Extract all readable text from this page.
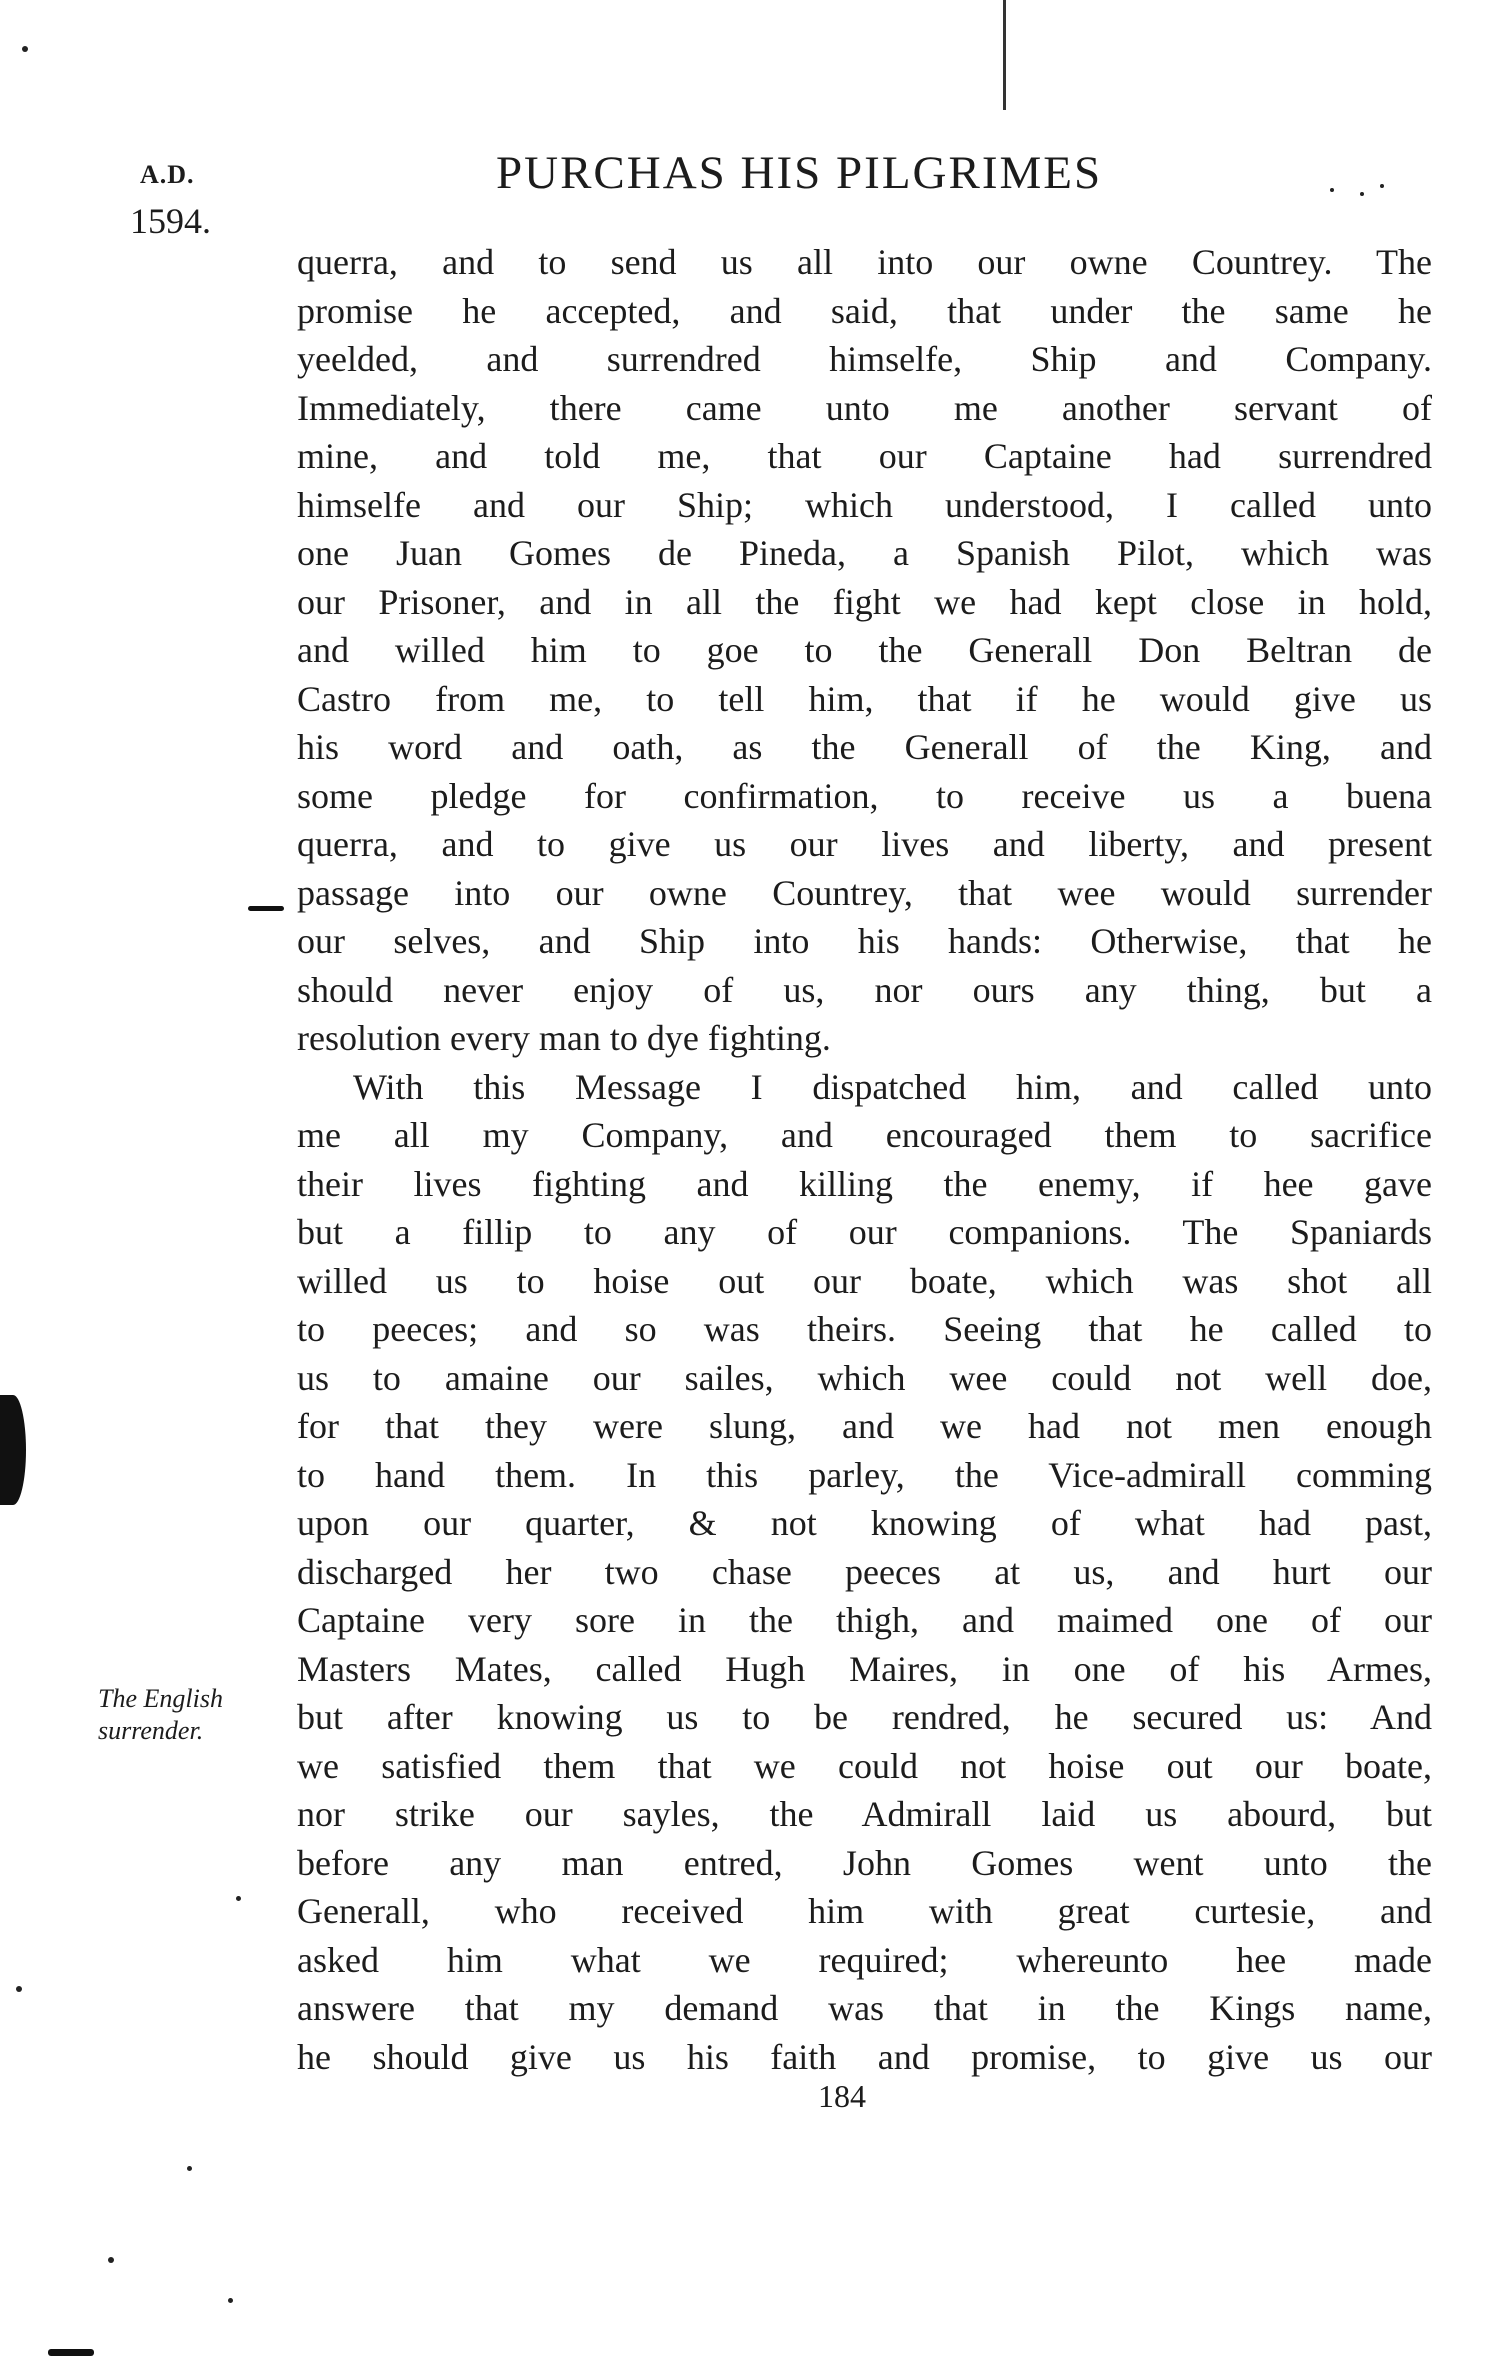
A.D.
1594.
PURCHAS HIS PILGRIMES
querra, and to send us all into our owne Countrey. The
promise he accepted, and said, that under the same he
yeelded, and surrendred himselfe, Ship and Company.
Immediately, there came unto me another servant of
mine, and told me, that our Captaine had surrendred
himselfe and our Ship; which understood, I called unto
one Juan Gomes de Pineda, a Spanish Pilot, which was
our Prisoner, and in all the fight we had kept close in hold,
and willed him to goe to the Generall Don Beltran de
Castro from me, to tell him, that if he would give us
his word and oath, as the Generall of the King, and
some pledge for confirmation, to receive us a buena
querra, and to give us our lives and liberty, and present
passage into our owne Countrey, that wee would surrender
our selves, and Ship into his hands: Otherwise, that he
should never enjoy of us, nor ours any thing, but a
resolution every man to dye fighting.
With this Message I dispatched him, and called unto
me all my Company, and encouraged them to sacrifice
their lives fighting and killing the enemy, if hee gave
but a fillip to any of our companions. The Spaniards
willed us to hoise out our boate, which was shot all
to peeces; and so was theirs. Seeing that he called to
us to amaine our sailes, which wee could not well doe,
for that they were slung, and we had not men enough
to hand them. In this parley, the Vice-admirall comming
upon our quarter, & not knowing of what had past,
discharged her two chase peeces at us, and hurt our
Captaine very sore in the thigh, and maimed one of our
Masters Mates, called Hugh Maires, in one of his Armes,
but after knowing us to be rendred, he secured us: And
we satisfied them that we could not hoise out our boate,
nor strike our sayles, the Admirall laid us abourd, but
before any man entred, John Gomes went unto the
Generall, who received him with great curtesie, and
asked him what we required; whereunto hee made
answere that my demand was that in the Kings name,
he should give us his faith and promise, to give us our
The English
surrender.
184
